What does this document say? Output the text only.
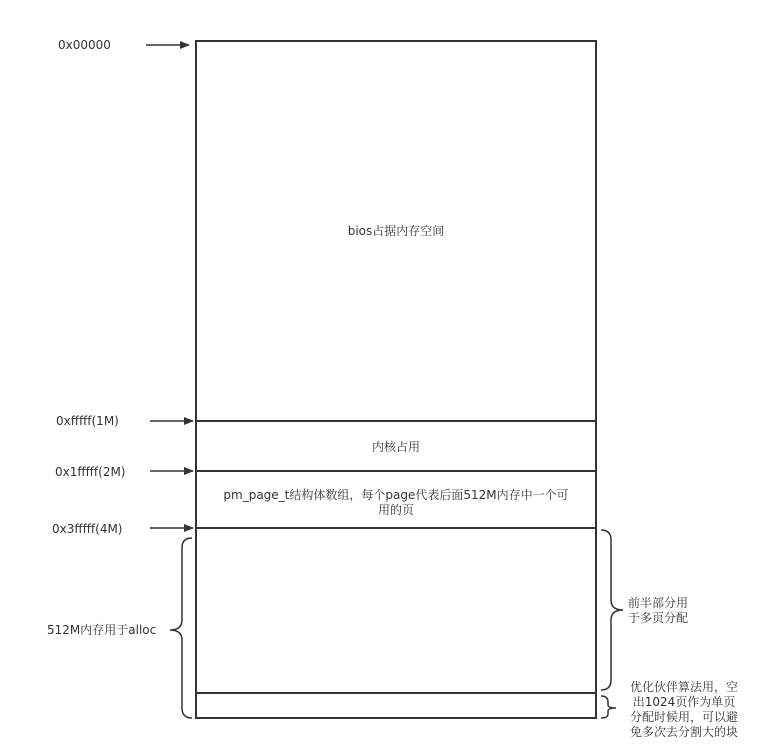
0x00000
0xfffff(1M)
0x1fffff(2M)
0x3fffff(4M)
bios占据内存空间
内核占用
pm_page_t结构体数组，每个page代表后面512M内存中一个可
用的页
512M内存用于alloc
前半部分用
于多页分配
优化伙伴算法用，空
出1024页作为单页
分配时候用，可以避
免多次去分割大的块
